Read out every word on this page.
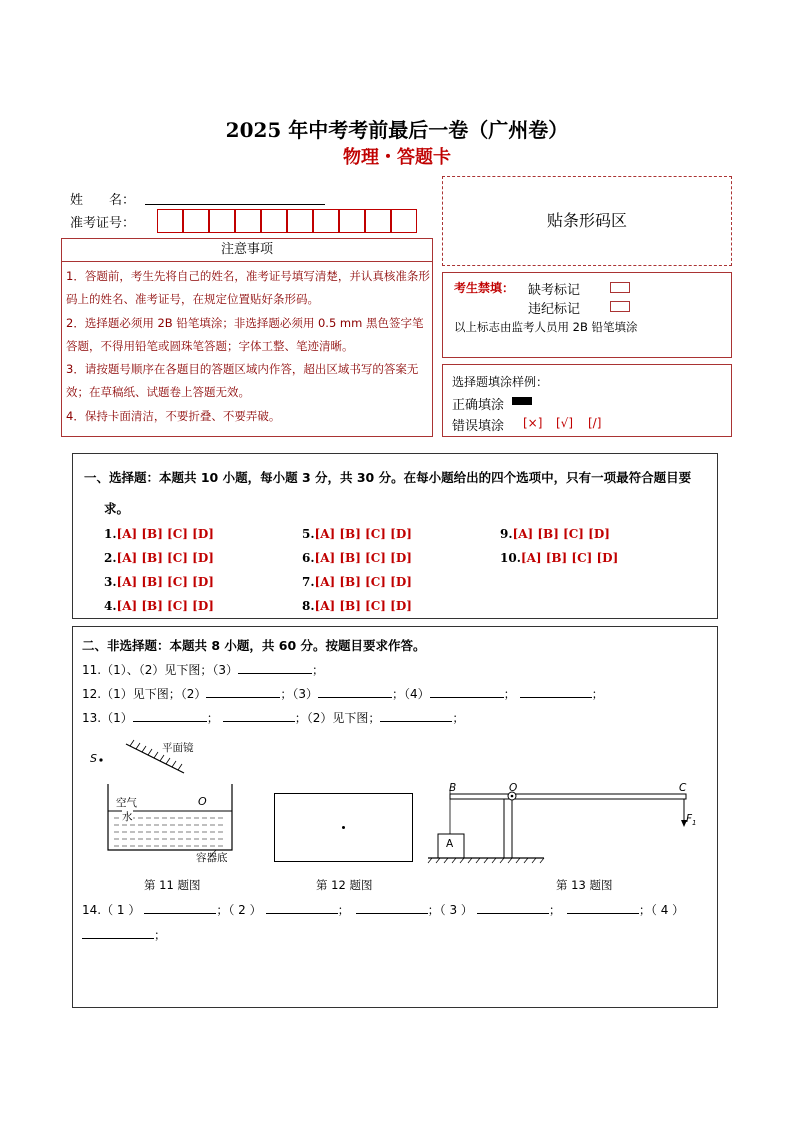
2025 年中考考前最后一卷（广州卷）
物理・答题卡
姓　　名：
准考证号：	贴条形码区
注意事项
1．答题前，考生先将自己的姓名，准考证号填写清楚，并认真核准条形码上的姓名、准考证号，在规定位置贴好条形码。
2．选择题必须用 2B 铅笔填涂；非选择题必须用 0.5 mm 黑色签字笔答题，不得用铅笔或圆珠笔答题；字体工整、笔迹清晰。
3．请按题号顺序在各题目的答题区域内作答，超出区域书写的答案无效；在草稿纸、试题卷上答题无效。
4．保持卡面清洁，不要折叠、不要弄破。
考生禁填： 缺考标记
违纪标记
以上标志由监考人员用 2B 铅笔填涂
选择题填涂样例：
正确填涂
错误填涂 [×] [√] [/]
一、选择题：本题共 10 小题，每小题 3 分，共 30 分。在每小题给出的四个选项中，只有一项最符合题目要
求。
1.[A] [B] [C] [D]
2.[A] [B] [C] [D]
3.[A] [B] [C] [D]
4.[A] [B] [C] [D]
5.[A] [B] [C] [D]
6.[A] [B] [C] [D]
7.[A] [B] [C] [D]
8.[A] [B] [C] [D]
9.[A] [B] [C] [D]
10.[A] [B] [C] [D]
二、非选择题：本题共 8 小题，共 60 分。按题目要求作答。
11.（1）、（2）见下图；（3）	；
12.（1）见下图；（2）	；（3）	；（4）	；	；
13.（1）	；	；（2）见下图；	；
S
平面镜
空气	O
水
容器底
第 11 题图	第 12 题图
B	O	C
$F_1$
A
第 13 题图
14.（ 1 ）	；（ 2 ）	；	；（ 3 ）	；	；（ 4 ）
；
